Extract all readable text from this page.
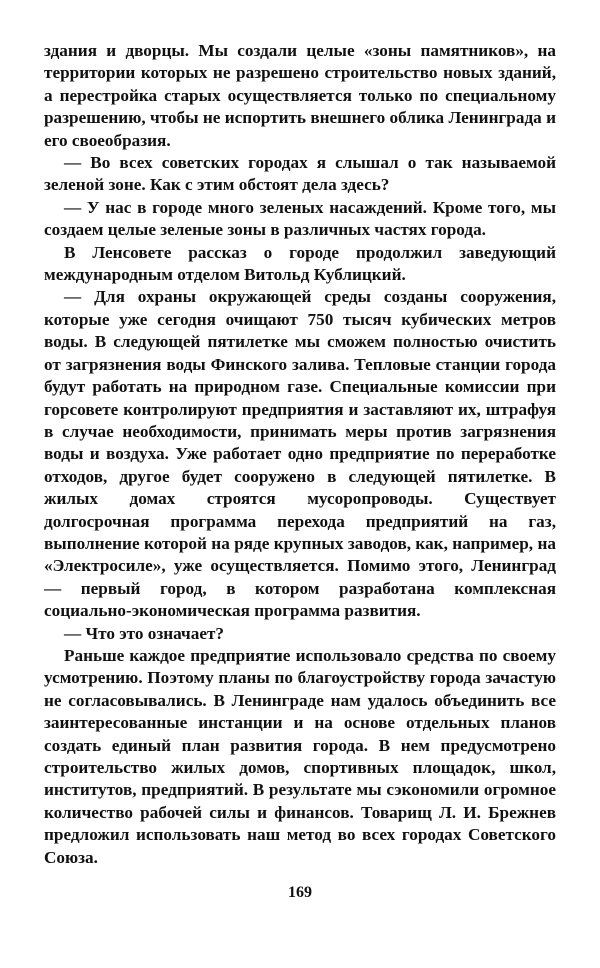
здания и дворцы. Мы создали целые «зоны памятников», на территории которых не разрешено строительство новых зданий, а перестройка старых осуществляется только по специальному разрешению, чтобы не испортить внешнего облика Ленинграда и его своеобразия.

— Во всех советских городах я слышал о так называемой зеленой зоне. Как с этим обстоят дела здесь?

— У нас в городе много зеленых насаждений. Кроме того, мы создаем целые зеленые зоны в различных частях города.

В Ленсовете рассказ о городе продолжил заведующий международным отделом Витольд Кублицкий.

— Для охраны окружающей среды созданы сооружения, которые уже сегодня очищают 750 тысяч кубических метров воды. В следующей пятилетке мы сможем полностью очистить от загрязнения воды Финского залива. Тепловые станции города будут работать на природном газе. Специальные комиссии при горсовете контролируют предприятия и заставляют их, штрафуя в случае необходимости, принимать меры против загрязнения воды и воздуха. Уже работает одно предприятие по переработке отходов, другое будет сооружено в следующей пятилетке. В жилых домах строятся мусоропроводы. Существует долгосрочная программа перехода предприятий на газ, выполнение которой на ряде крупных заводов, как, например, на «Электросиле», уже осуществляется. Помимо этого, Ленинград — первый город, в котором разработана комплексная социально-экономическая программа развития.

— Что это означает?

Раньше каждое предприятие использовало средства по своему усмотрению. Поэтому планы по благоустройству города зачастую не согласовывались. В Ленинграде нам удалось объединить все заинтересованные инстанции и на основе отдельных планов создать единый план развития города. В нем предусмотрено строительство жилых домов, спортивных площадок, школ, институтов, предприятий. В результате мы сэкономили огромное количество рабочей силы и финансов. Товарищ Л. И. Брежнев предложил использовать наш метод во всех городах Советского Союза.

169
